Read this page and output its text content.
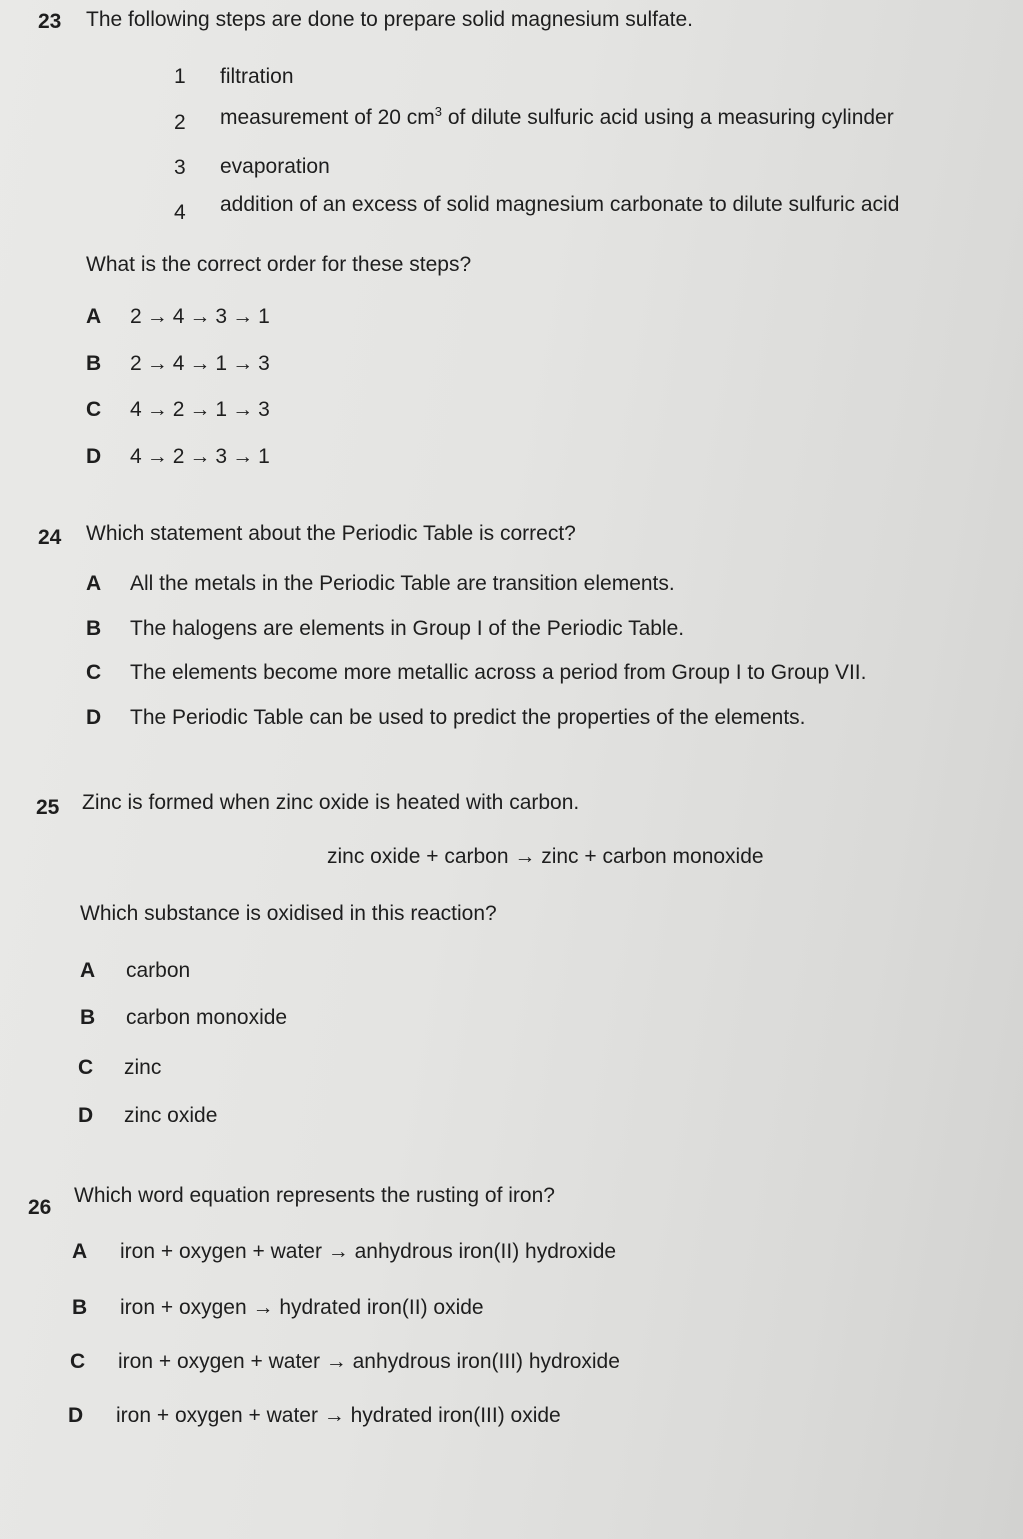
23 The following steps are done to prepare solid magnesium sulfate.
1 filtration
2 measurement of 20 $cm^3$ of dilute sulfuric acid using a measuring cylinder
3 evaporation
4 addition of an excess of solid magnesium carbonate to dilute sulfuric acid
What is the correct order for these steps?
A 2 → 4 → 3 → 1
B 2 → 4 → 1 → 3
C 4 → 2 → 1 → 3
D 4 → 2 → 3 → 1
24 Which statement about the Periodic Table is correct?
A All the metals in the Periodic Table are transition elements.
B The halogens are elements in Group I of the Periodic Table.
C The elements become more metallic across a period from Group I to Group VII.
D The Periodic Table can be used to predict the properties of the elements.
25 Zinc is formed when zinc oxide is heated with carbon.
zinc oxide + carbon → zinc + carbon monoxide
Which substance is oxidised in this reaction?
A carbon
B carbon monoxide
C zinc
D zinc oxide
26
Which word equation represents the rusting of iron?
A iron + oxygen + water → anhydrous iron(II) hydroxide
B iron + oxygen → hydrated iron(II) oxide
C iron + oxygen + water → anhydrous iron(III) hydroxide
D iron + oxygen + water → hydrated iron(III) oxide
